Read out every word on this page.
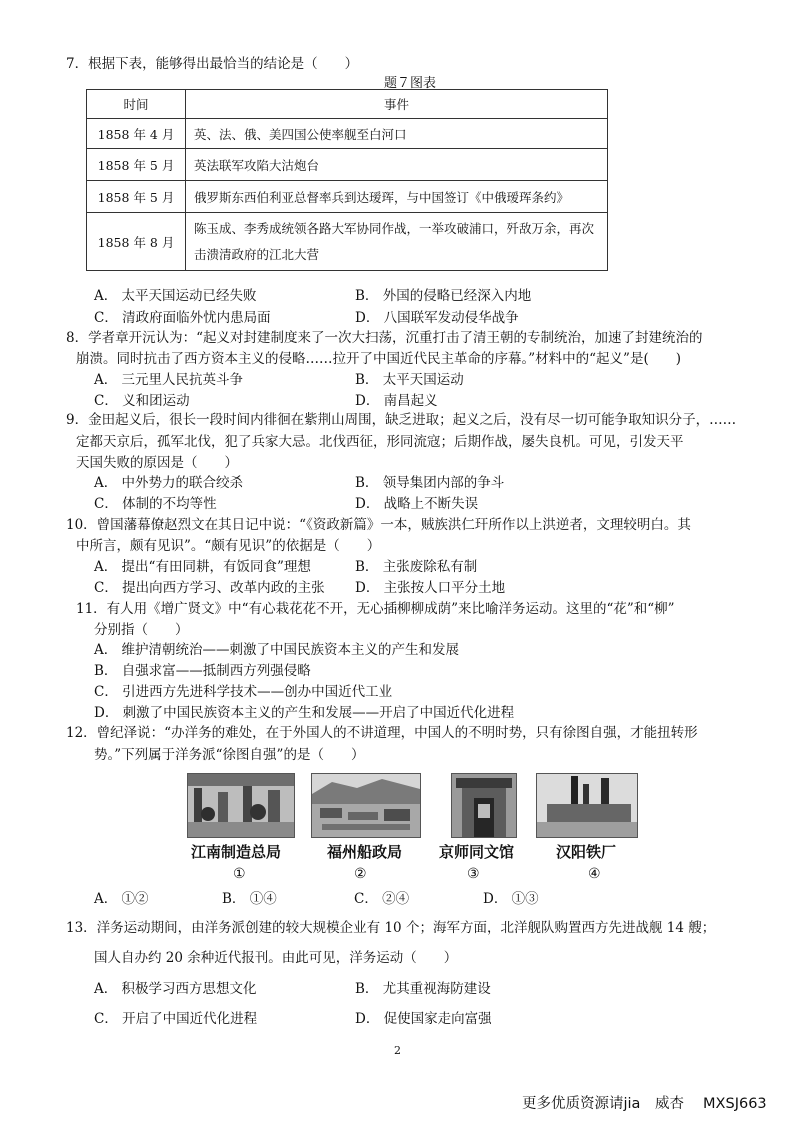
7．根据下表，能够得出最恰当的结论是（　　）
题７图表
时间	事件
1858 年 4 月	英、法、俄、美四国公使率舰至白河口
1858 年 5 月	英法联军攻陷大沽炮台
1858 年 5 月	俄罗斯东西伯利亚总督率兵到达瑷珲，与中国签订《中俄瑷珲条约》
1858 年 8 月	陈玉成、李秀成统领各路大军协同作战，一举攻破浦口，歼敌万余，再次击溃清政府的江北大营
A． 太平天国运动已经失败	B． 外国的侵略已经深入内地
C． 清政府面临外忧内患局面	D． 八国联军发动侵华战争
8．学者章开沅认为：“起义对封建制度来了一次大扫荡，沉重打击了清王朝的专制统治，加速了封建统治的
崩溃。同时抗击了西方资本主义的侵略……拉开了中国近代民主革命的序幕。”材料中的“起义”是(　　)
A． 三元里人民抗英斗争	B． 太平天国运动
C． 义和团运动	D． 南昌起义
9．金田起义后，很长一段时间内徘徊在紫荆山周围，缺乏进取；起义之后，没有尽一切可能争取知识分子，……
定都天京后，孤军北伐，犯了兵家大忌。北伐西征，形同流寇；后期作战，屡失良机。可见，引发天平
天国失败的原因是（　　）
A． 中外势力的联合绞杀	B． 领导集团内部的争斗
C． 体制的不均等性	D． 战略上不断失误
10．曾国藩幕僚赵烈文在其日记中说：“《资政新篇》一本，贼族洪仁玕所作以上洪逆者，文理较明白。其
中所言，颇有见识”。“颇有见识”的依据是（　　）
A． 提出“有田同耕，有饭同食”理想	B． 主张废除私有制
C． 提出向西方学习、改革内政的主张 D． 主张按人口平分土地
11．有人用《增广贤文》中“有心栽花花不开，无心插柳柳成荫”来比喻洋务运动。这里的“花”和“柳”
分别指（　　）
A． 维护清朝统治——刺激了中国民族资本主义的产生和发展
B． 自强求富——抵制西方列强侵略
C． 引进西方先进科学技术——创办中国近代工业
D． 刺激了中国民族资本主义的产生和发展——开启了中国近代化进程
12．曾纪泽说：“办洋务的难处，在于外国人的不讲道理，中国人的不明时势，只有徐图自强，才能扭转形
势。”下列属于洋务派“徐图自强”的是（　　）
江南制造总局	福州船政局 京师同文馆	汉阳铁厂
①	②	③	④
A． ①②	B． ①④	C． ②④	D． ①③
13．洋务运动期间，由洋务派创建的较大规模企业有 10 个；海军方面，北洋舰队购置西方先进战舰 14 艘；
国人自办约 20 余种近代报刊。由此可见，洋务运动（　　）
A． 积极学习西方思想文化	B． 尤其重视海防建设
C． 开启了中国近代化进程	D． 促使国家走向富强
2
更多优质资源请jia　威杏　 MXSJ663
